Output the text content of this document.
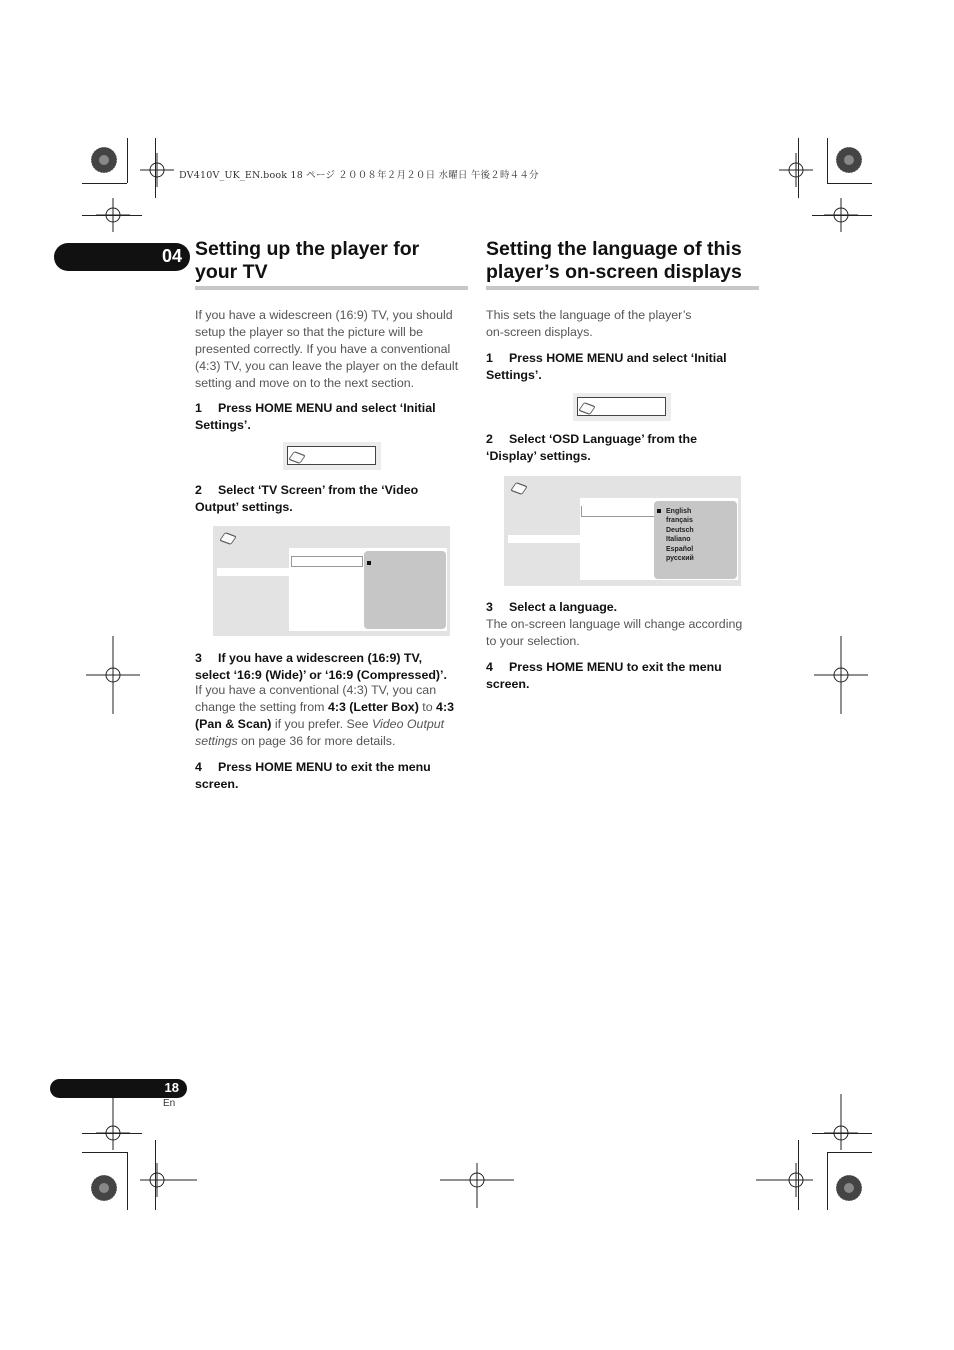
DV410V_UK_EN.book 18 ページ ２００８年２月２０日 水曜日 午後２時４４分
04 Setting up the player for
your TV

If you have a widescreen (16:9) TV, you should
setup the player so that the picture will be
presented correctly. If you have a conventional
(4:3) TV, you can leave the player on the default
setting and move on to the next section.

1 Press HOME MENU and select ‘Initial
Settings’.

2 Select ‘TV Screen’ from the ‘Video
Output’ settings.

3 If you have a widescreen (16:9) TV,
select ‘16:9 (Wide)’ or ‘16:9 (Compressed)’.

If you have a conventional (4:3) TV, you can
change the setting from 4:3 (Letter Box) to 4:3
(Pan & Scan) if you prefer. See Video Output
settings on page 36 for more details.

4 Press HOME MENU to exit the menu
screen.

Setting the language of this
player’s on-screen displays

This sets the language of the player’s
on-screen displays.

1 Press HOME MENU and select ‘Initial
Settings’.

2 Select ‘OSD Language’ from the
‘Display’ settings.

English
français
Deutsch
Italiano
Español
русский

3 Select a language.

The on-screen language will change according
to your selection.

4 Press HOME MENU to exit the menu
screen.

18
En
